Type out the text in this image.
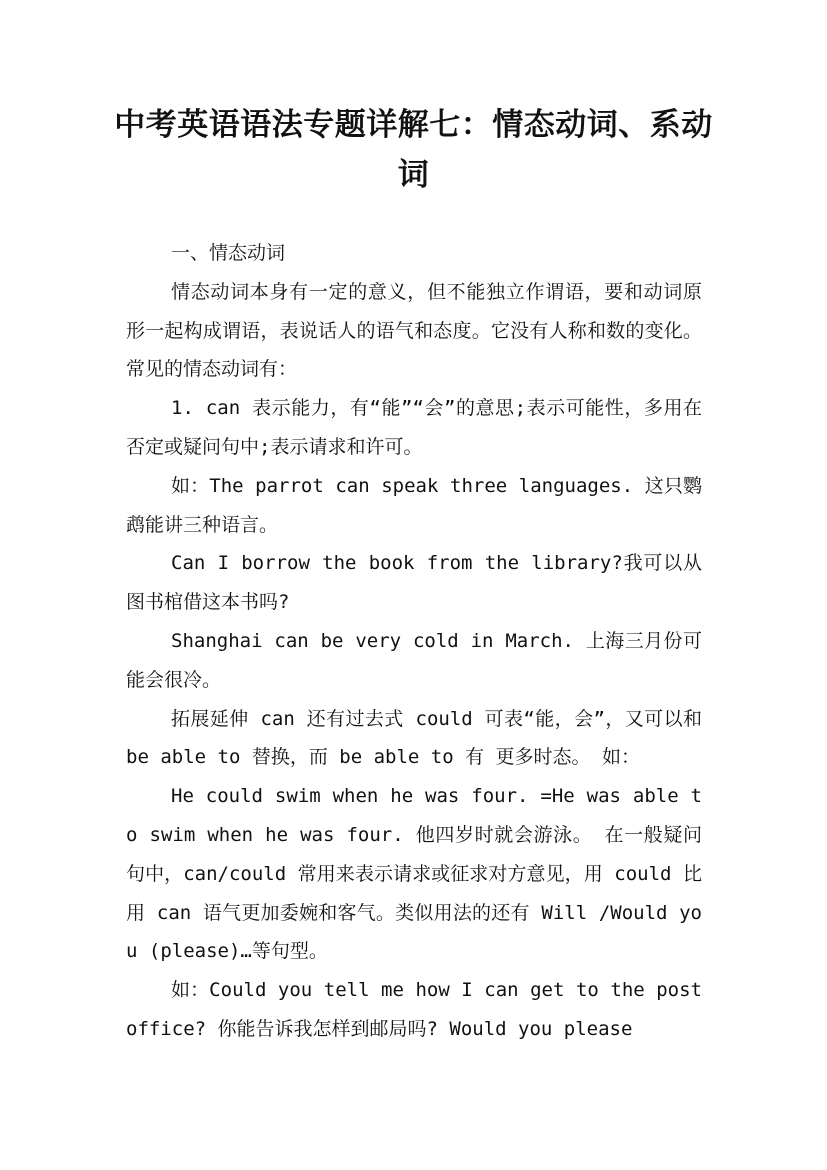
中考英语语法专题详解七：情态动词、系动词

一、情态动词

情态动词本身有一定的意义，但不能独立作谓语，要和动词原形一起构成谓语，表说话人的语气和态度。它没有人称和数的变化。常见的情态动词有：

1. can 表示能力，有“能”“会”的意思;表示可能性，多用在否定或疑问句中;表示请求和许可。

如：The parrot can speak three languages. 这只鹦鹉能讲三种语言。

Can I borrow the book from the library?我可以从图书棺借这本书吗?

Shanghai can be very cold in March. 上海三月份可能会很冷。

拓展延伸 can 还有过去式 could 可表“能，会”，又可以和 be able to 替换，而 be able to 有 更多时态。 如：

He could swim when he was four. =He was able to swim when he was four. 他四岁时就会游泳。 在一般疑问句中，can/could 常用来表示请求或征求对方意见，用 could 比用 can 语气更加委婉和客气。类似用法的还有 Will /Would you (please)…等句型。

如：Could you tell me how I can get to the post office? 你能告诉我怎样到邮局吗? Would you please
